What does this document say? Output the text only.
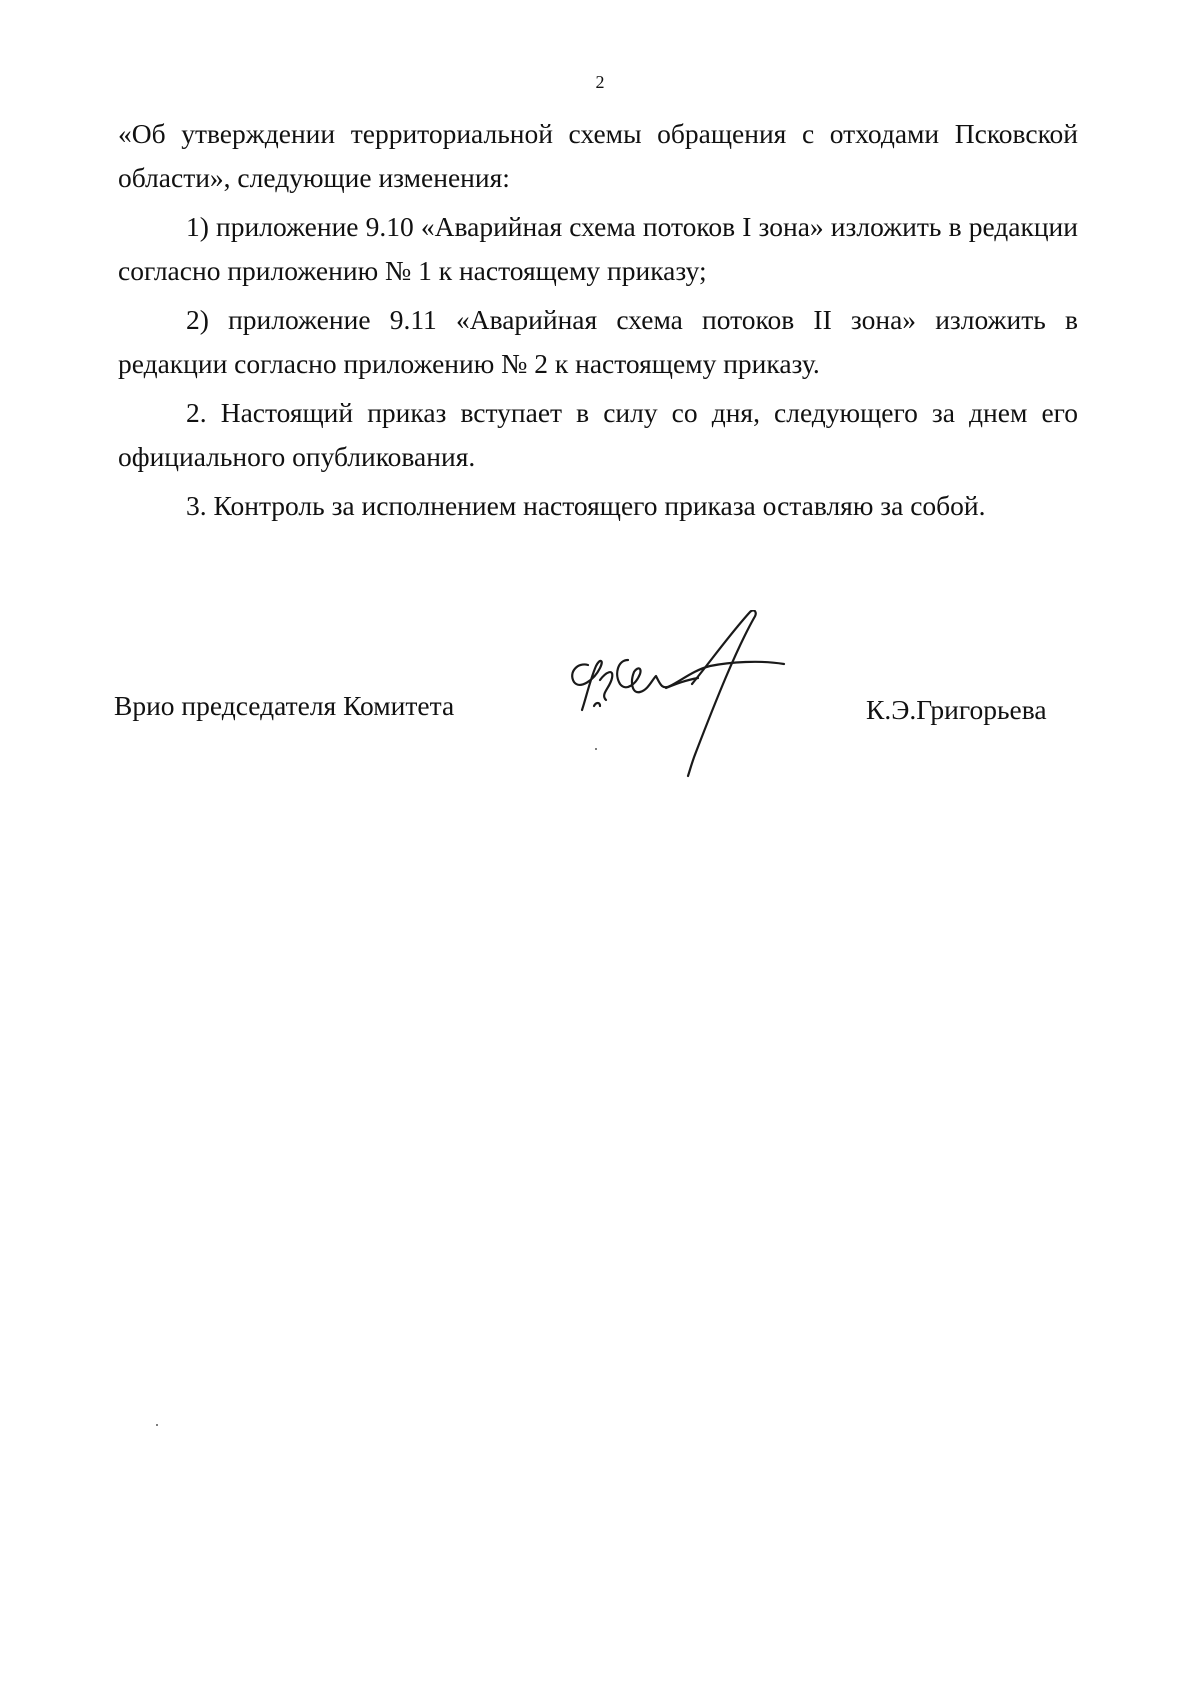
2

«Об утверждении территориальной схемы обращения с отходами Псковской области», следующие изменения:

1) приложение 9.10 «Аварийная схема потоков I зона» изложить в редакции согласно приложению № 1 к настоящему приказу;

2) приложение 9.11 «Аварийная схема потоков II зона» изложить в редакции согласно приложению № 2 к настоящему приказу.

2. Настоящий приказ вступает в силу со дня, следующего за днем его официального опубликования.

3. Контроль за исполнением настоящего приказа оставляю за собой.

Врио председателя Комитета	К.Э.Григорьева
